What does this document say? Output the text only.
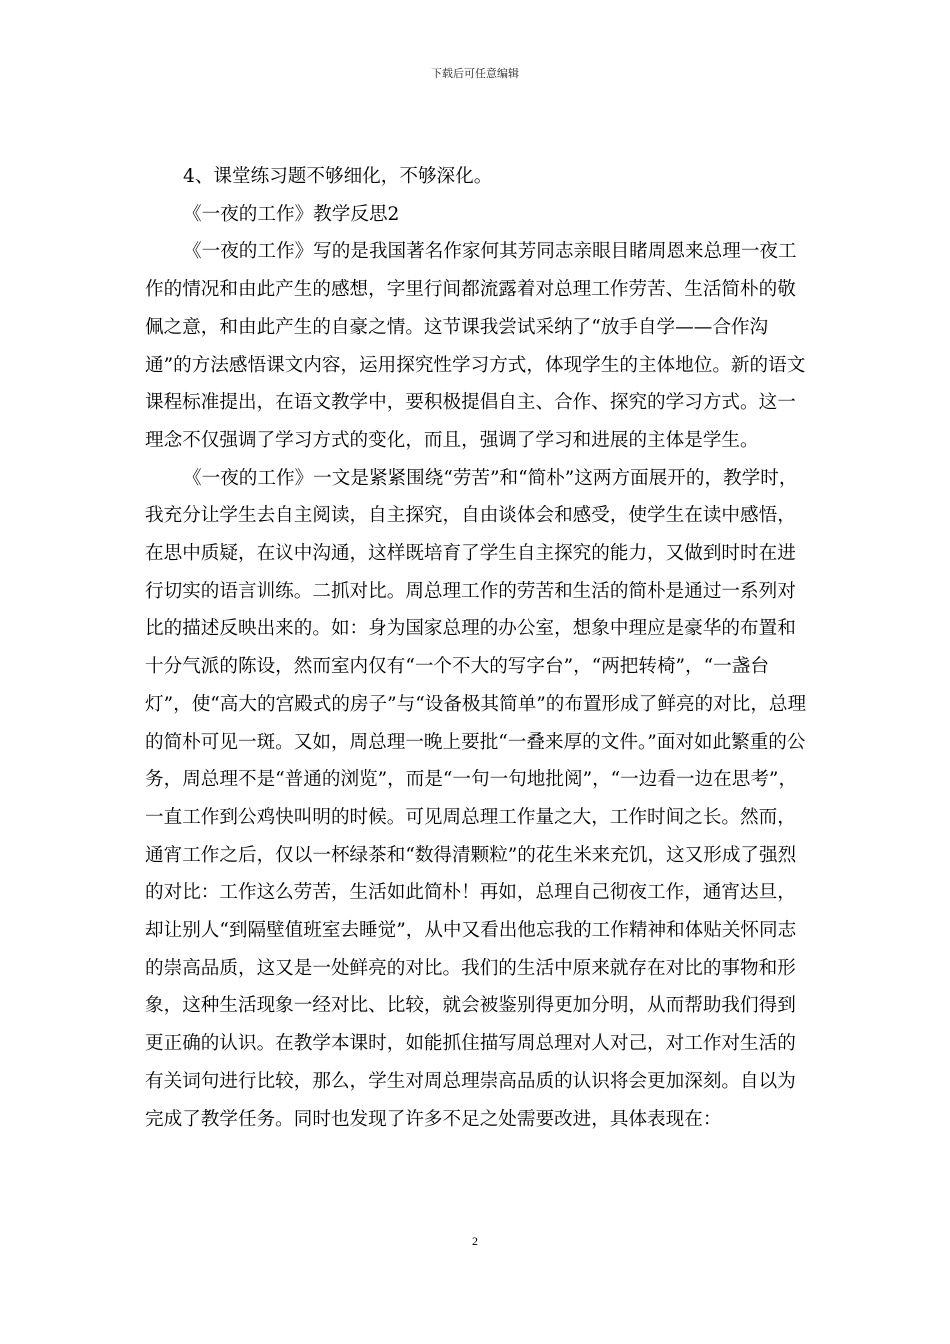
下载后可任意编辑

4、课堂练习题不够细化，不够深化。

《一夜的工作》教学反思2

《一夜的工作》写的是我国著名作家何其芳同志亲眼目睹周恩来总理一夜工作的情况和由此产生的感想，字里行间都流露着对总理工作劳苦、生活简朴的敬佩之意，和由此产生的自豪之情。这节课我尝试采纳了“放手自学——合作沟通”的方法感悟课文内容，运用探究性学习方式，体现学生的主体地位。新的语文课程标准提出，在语文教学中，要积极提倡自主、合作、探究的学习方式。这一理念不仅强调了学习方式的变化，而且，强调了学习和进展的主体是学生。

《一夜的工作》一文是紧紧围绕“劳苦”和“简朴”这两方面展开的，教学时，我充分让学生去自主阅读，自主探究，自由谈体会和感受，使学生在读中感悟，在思中质疑，在议中沟通，这样既培育了学生自主探究的能力，又做到时时在进行切实的语言训练。二抓对比。周总理工作的劳苦和生活的简朴是通过一系列对比的描述反映出来的。如：身为国家总理的办公室，想象中理应是豪华的布置和十分气派的陈设，然而室内仅有“一个不大的写字台”，“两把转椅”，“一盏台灯”，使“高大的宫殿式的房子”与“设备极其简单”的布置形成了鲜亮的对比，总理的简朴可见一斑。又如，周总理一晚上要批“一叠来厚的文件。”面对如此繁重的公务，周总理不是“普通的浏览”，而是“一句一句地批阅”，“一边看一边在思考”，一直工作到公鸡快叫明的时候。可见周总理工作量之大，工作时间之长。然而，通宵工作之后，仅以一杯绿茶和“数得清颗粒”的花生米来充饥，这又形成了强烈的对比：工作这么劳苦，生活如此简朴！再如，总理自己彻夜工作，通宵达旦，却让别人“到隔壁值班室去睡觉”，从中又看出他忘我的工作精神和体贴关怀同志的崇高品质，这又是一处鲜亮的对比。我们的生活中原来就存在对比的事物和形象，这种生活现象一经对比、比较，就会被鉴别得更加分明，从而帮助我们得到更正确的认识。在教学本课时，如能抓住描写周总理对人对己，对工作对生活的有关词句进行比较，那么，学生对周总理崇高品质的认识将会更加深刻。自以为完成了教学任务。同时也发现了许多不足之处需要改进，具体表现在：

2
